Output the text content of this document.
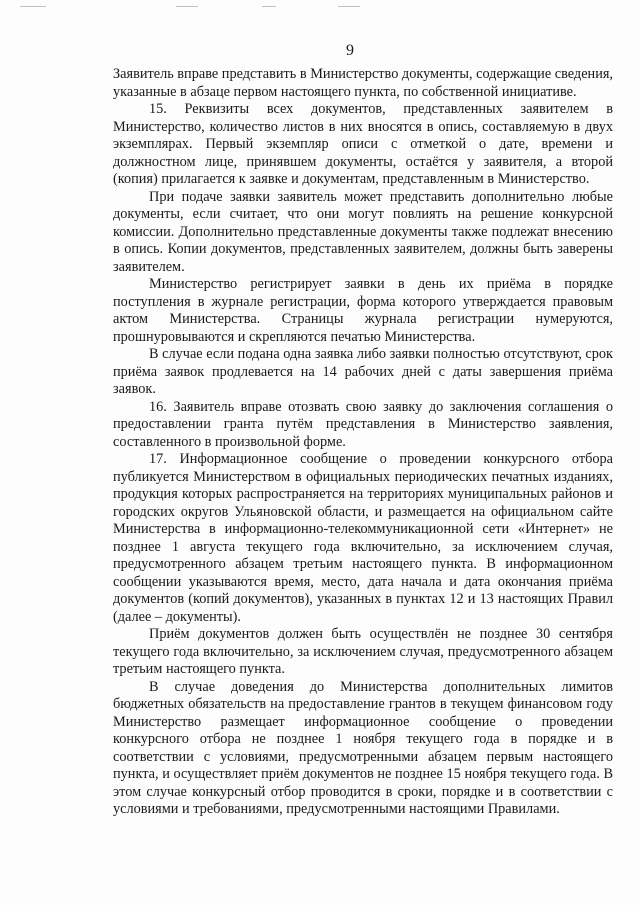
9

Заявитель вправе представить в Министерство документы, содержащие сведения, указанные в абзаце первом настоящего пункта, по собственной инициативе.

15. Реквизиты всех документов, представленных заявителем в Министерство, количество листов в них вносятся в опись, составляемую в двух экземплярах. Первый экземпляр описи с отметкой о дате, времени и должностном лице, принявшем документы, остаётся у заявителя, а второй (копия) прилагается к заявке и документам, представленным в Министерство.

При подаче заявки заявитель может представить дополнительно любые документы, если считает, что они могут повлиять на решение конкурсной комиссии. Дополнительно представленные документы также подлежат внесению в опись. Копии документов, представленных заявителем, должны быть заверены заявителем.

Министерство регистрирует заявки в день их приёма в порядке поступления в журнале регистрации, форма которого утверждается правовым актом Министерства. Страницы журнала регистрации нумеруются, прошнуровываются и скрепляются печатью Министерства.

В случае если подана одна заявка либо заявки полностью отсутствуют, срок приёма заявок продлевается на 14 рабочих дней с даты завершения приёма заявок.

16. Заявитель вправе отозвать свою заявку до заключения соглашения о предоставлении гранта путём представления в Министерство заявления, составленного в произвольной форме.

17. Информационное сообщение о проведении конкурсного отбора публикуется Министерством в официальных периодических печатных изданиях, продукция которых распространяется на территориях муниципальных районов и городских округов Ульяновской области, и размещается на официальном сайте Министерства в информационно-телекоммуникационной сети «Интернет» не позднее 1 августа текущего года включительно, за исключением случая, предусмотренного абзацем третьим настоящего пункта. В информационном сообщении указываются время, место, дата начала и дата окончания приёма документов (копий документов), указанных в пунктах 12 и 13 настоящих Правил (далее – документы).

Приём документов должен быть осуществлён не позднее 30 сентября текущего года включительно, за исключением случая, предусмотренного абзацем третьим настоящего пункта.

В случае доведения до Министерства дополнительных лимитов бюджетных обязательств на предоставление грантов в текущем финансовом году Министерство размещает информационное сообщение о проведении конкурсного отбора не позднее 1 ноября текущего года в порядке и в соответствии с условиями, предусмотренными абзацем первым настоящего пункта, и осуществляет приём документов не позднее 15 ноября текущего года. В этом случае конкурсный отбор проводится в сроки, порядке и в соответствии с условиями и требованиями, предусмотренными настоящими Правилами.
